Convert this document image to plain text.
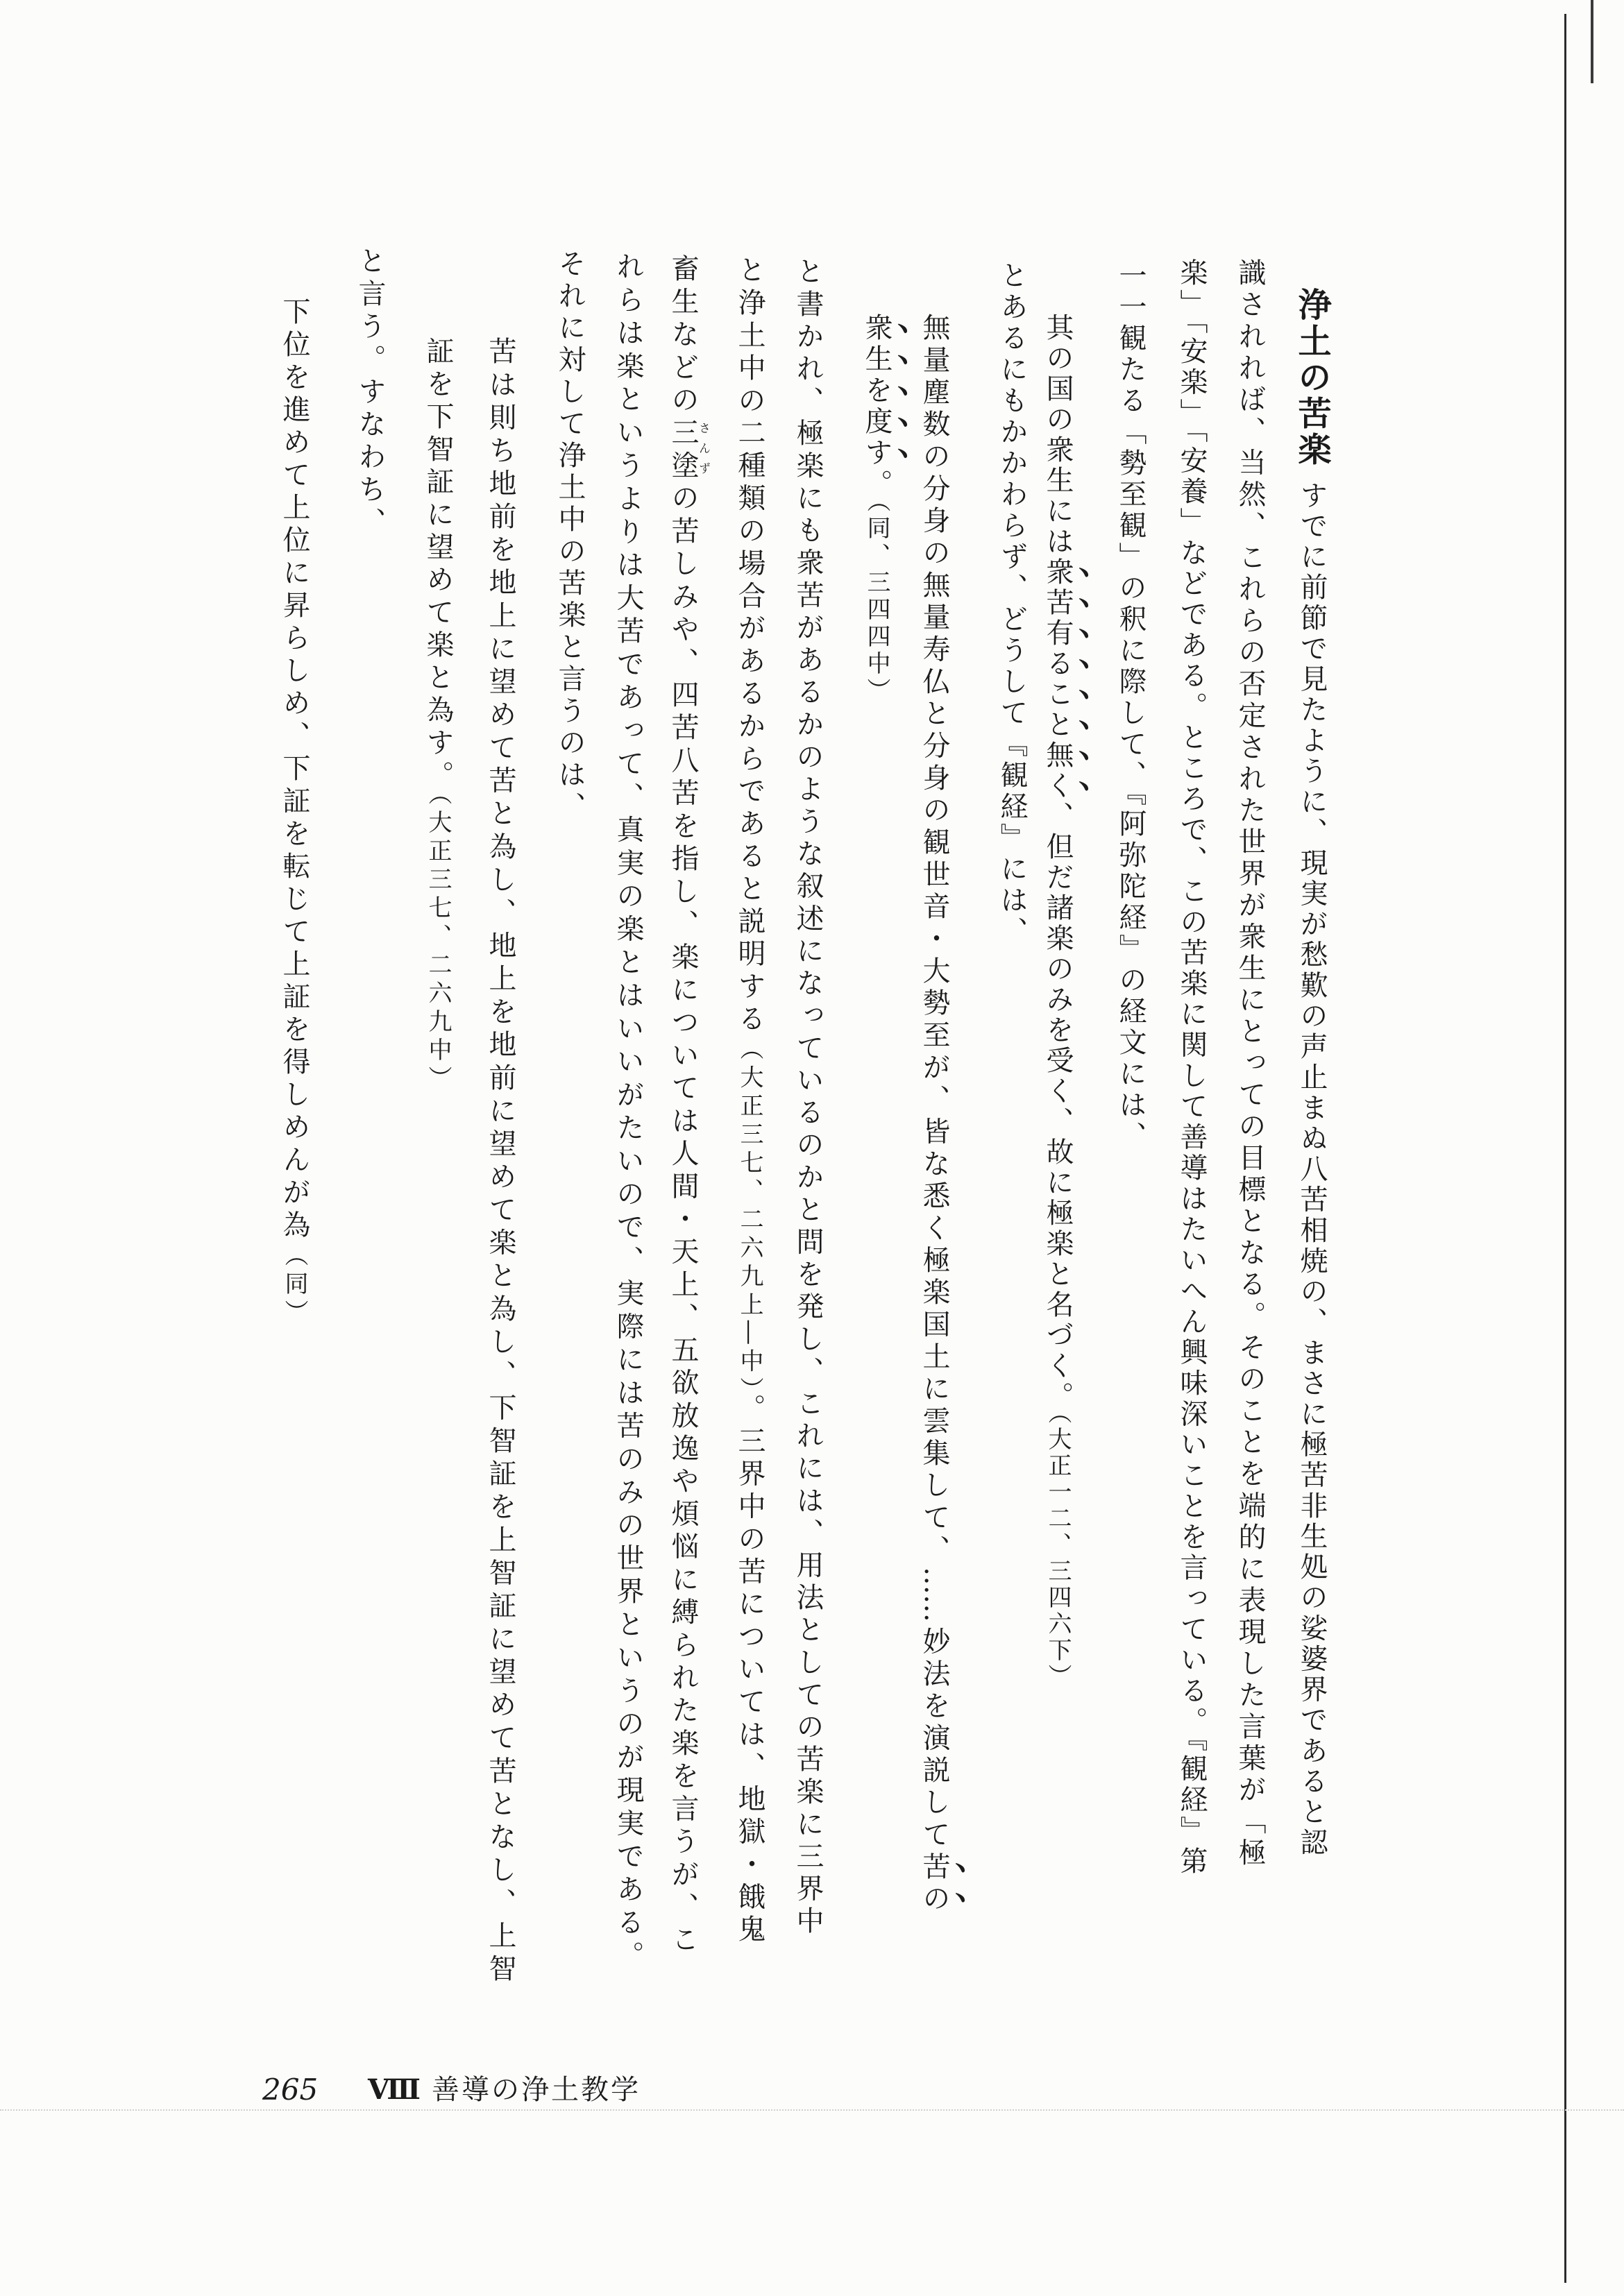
浄土の苦楽すでに前節で見たように、現実が愁歎の声止まぬ八苦相焼の、まさに極苦非生処の娑婆界であると認
識されれば、当然、これらの否定された世界が衆生にとっての目標となる。そのことを端的に表現した言葉が「極
楽」「安楽」「安養」などである。ところで、この苦楽に関して善導はたいへん興味深いことを言っている。『観経』第
一一観たる「勢至観」の釈に際して、『阿弥陀経』の経文には、
其の国の衆生には衆苦有ること無く、但だ諸楽のみを受く、故に極楽と名づく。（大正一二、三四六下）
とあるにもかかわらず、どうして『観経』には、
無量塵数の分身の無量寿仏と分身の観世音・大勢至が、皆な悉く極楽国土に雲集して、……妙法を演説して苦の
衆生を度す。（同、三四四中）
と書かれ、極楽にも衆苦があるかのような叙述になっているのかと問を発し、これには、用法としての苦楽に三界中
と浄土中の二種類の場合があるからであると説明する（大正三七、二六九上―中）。三界中の苦については、地獄・餓鬼
畜生などの三塗さんずの苦しみや、四苦八苦を指し、楽については人間・天上、五欲放逸や煩悩に縛られた楽を言うが、こ
れらは楽というよりは大苦であって、真実の楽とはいいがたいので、実際には苦のみの世界というのが現実である。
それに対して浄土中の苦楽と言うのは、
苦は則ち地前を地上に望めて苦と為し、地上を地前に望めて楽と為し、下智証を上智証に望めて苦となし、上智
証を下智証に望めて楽と為す。（大正三七、二六九中）
と言う。すなわち、
下位を進めて上位に昇らしめ、下証を転じて上証を得しめんが為（同）
265 Ⅷ 善導の浄土教学
